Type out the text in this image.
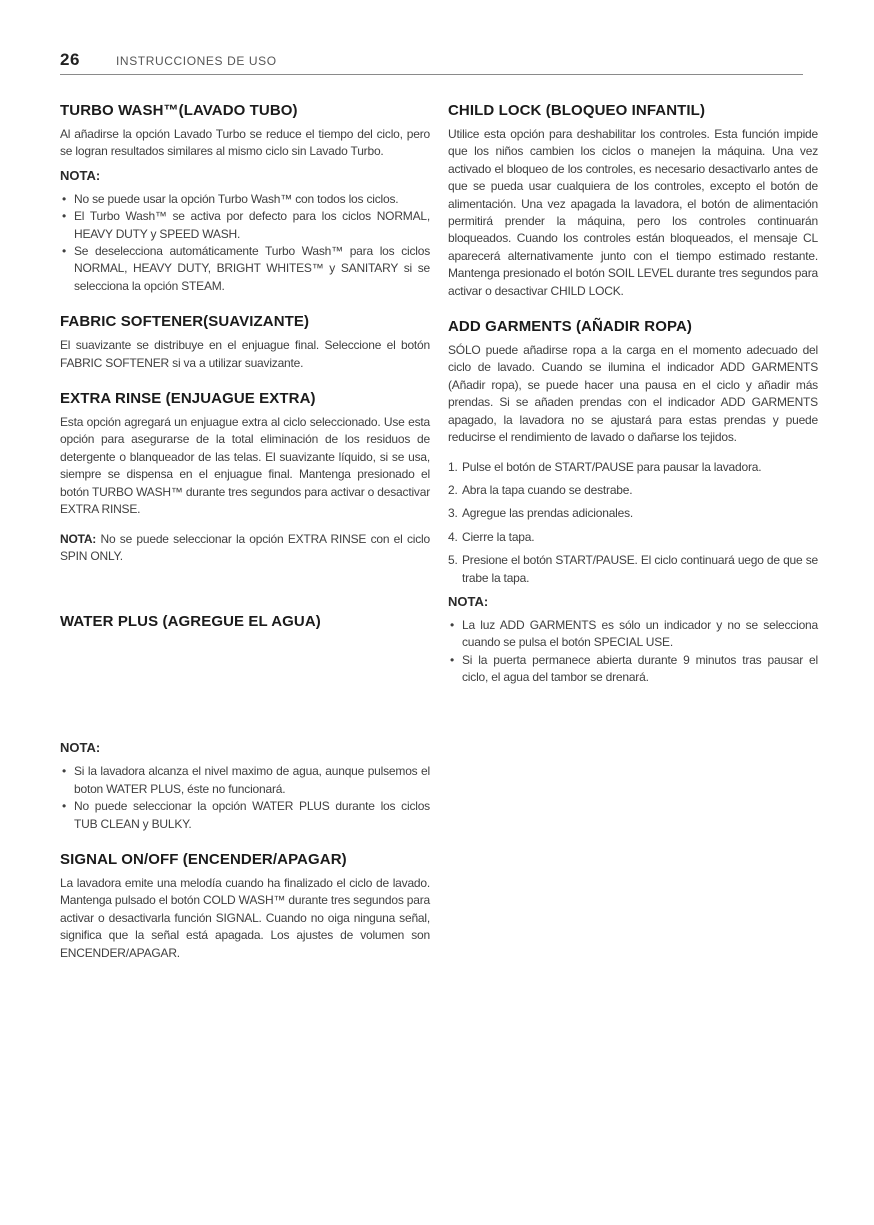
26	INSTRUCCIONES DE USO
TURBO WASH™(LAVADO TUBO)

Al añadirse la opción Lavado Turbo se reduce el tiempo del ciclo, pero se logran resultados similares al mismo ciclo sin Lavado Turbo.

NOTA:
• No se puede usar la opción Turbo Wash™ con todos los ciclos.
• El Turbo Wash™ se activa por defecto para los ciclos NORMAL, HEAVY DUTY y SPEED WASH.
• Se deselecciona automáticamente Turbo Wash™ para los ciclos NORMAL, HEAVY DUTY, BRIGHT WHITES™ y SANITARY si se selecciona la opción STEAM.
FABRIC SOFTENER(SUAVIZANTE)

El suavizante se distribuye en el enjuague final. Seleccione el botón FABRIC SOFTENER si va a utilizar suavizante.

EXTRA RINSE (ENJUAGUE EXTRA)

Esta opción agregará un enjuague extra al ciclo seleccionado. Use esta opción para asegurarse de la total eliminación de los residuos de detergente o blanqueador de las telas. El suavizante líquido, si se usa, siempre se dispensa en el enjuague final. Mantenga presionado el botón TURBO WASH™ durante tres segundos para activar o desactivar EXTRA RINSE.

NOTA: No se puede seleccionar la opción EXTRA RINSE con el ciclo SPIN ONLY.

WATER PLUS (AGREGUE EL AGUA)
NOTA:
• Si la lavadora alcanza el nivel maximo de agua, aunque pulsemos el boton WATER PLUS, éste no funcionará.
• No puede seleccionar la opción WATER PLUS durante los ciclos TUB CLEAN y BULKY.
SIGNAL ON/OFF (ENCENDER/APAGAR)

La lavadora emite una melodía cuando ha finalizado el ciclo de lavado. Mantenga pulsado el botón COLD WASH™ durante tres segundos para activar o desactivarla función SIGNAL. Cuando no oiga ninguna señal, significa que la señal está apagada. Los ajustes de volumen son ENCENDER/APAGAR.

CHILD LOCK (BLOQUEO INFANTIL)

Utilice esta opción para deshabilitar los controles. Esta función impide que los niños cambien los ciclos o manejen la máquina. Una vez activado el bloqueo de los controles, es necesario desactivarlo antes de que se pueda usar cualquiera de los controles, excepto el botón de alimentación. Una vez apagada la lavadora, el botón de alimentación permitirá prender la máquina, pero los controles continuarán bloqueados. Cuando los controles están bloqueados, el mensaje CL aparecerá alternativamente junto con el tiempo estimado restante. Mantenga presionado el botón SOIL LEVEL durante tres segundos para activar o desactivar CHILD LOCK.

ADD GARMENTS (AÑADIR ROPA)

SÓLO puede añadirse ropa a la carga en el momento adecuado del ciclo de lavado. Cuando se ilumina el indicador ADD GARMENTS (Añadir ropa), se puede hacer una pausa en el ciclo y añadir más prendas. Si se añaden prendas con el indicador ADD GARMENTS apagado, la lavadora no se ajustará para estas prendas y puede reducirse el rendimiento de lavado o dañarse los tejidos.

1. Pulse el botón de START/PAUSE para pausar la lavadora.
2. Abra la tapa cuando se destrabe.
3. Agregue las prendas adicionales.
4. Cierre la tapa.
5. Presione el botón START/PAUSE. El ciclo continuará uego de que se trabe la tapa.
NOTA:
• La luz ADD GARMENTS es sólo un indicador y no se selecciona cuando se pulsa el botón SPECIAL USE.
• Si la puerta permanece abierta durante 9 minutos tras pausar el ciclo, el agua del tambor se drenará.
